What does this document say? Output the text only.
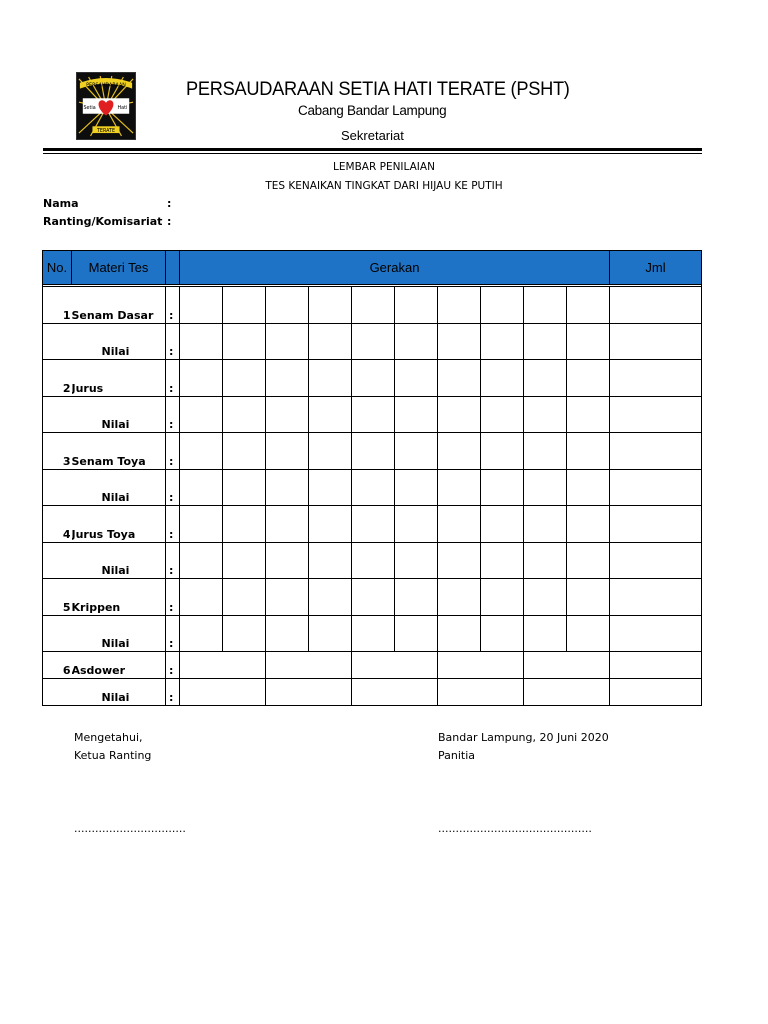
PERSAUDARAAN
Setia	Hati
TERATE
PERSAUDARAAN SETIA HATI TERATE (PSHT)
Cabang Bandar Lampung
Sekretariat
LEMBAR PENILAIAN
TES KENAIKAN TINGKAT DARI HIJAU KE PUTIH
Nama	:
Ranting/Komisariat :
No.	Materi Tes		Gerakan										Jml

1	Senam Dasar	:											
	Nilai	:											
2	Jurus	:											
	Nilai	:											
3	Senam Toya	:											
	Nilai	:											
4	Jurus Toya	:											
	Nilai	:											
5	Krippen	:											
	Nilai	:											
6	Asdower	:											
	Nilai	:											
Mengetahui,
Ketua Ranting
................................
Bandar Lampung, 20 Juni 2020
Panitia
............................................
